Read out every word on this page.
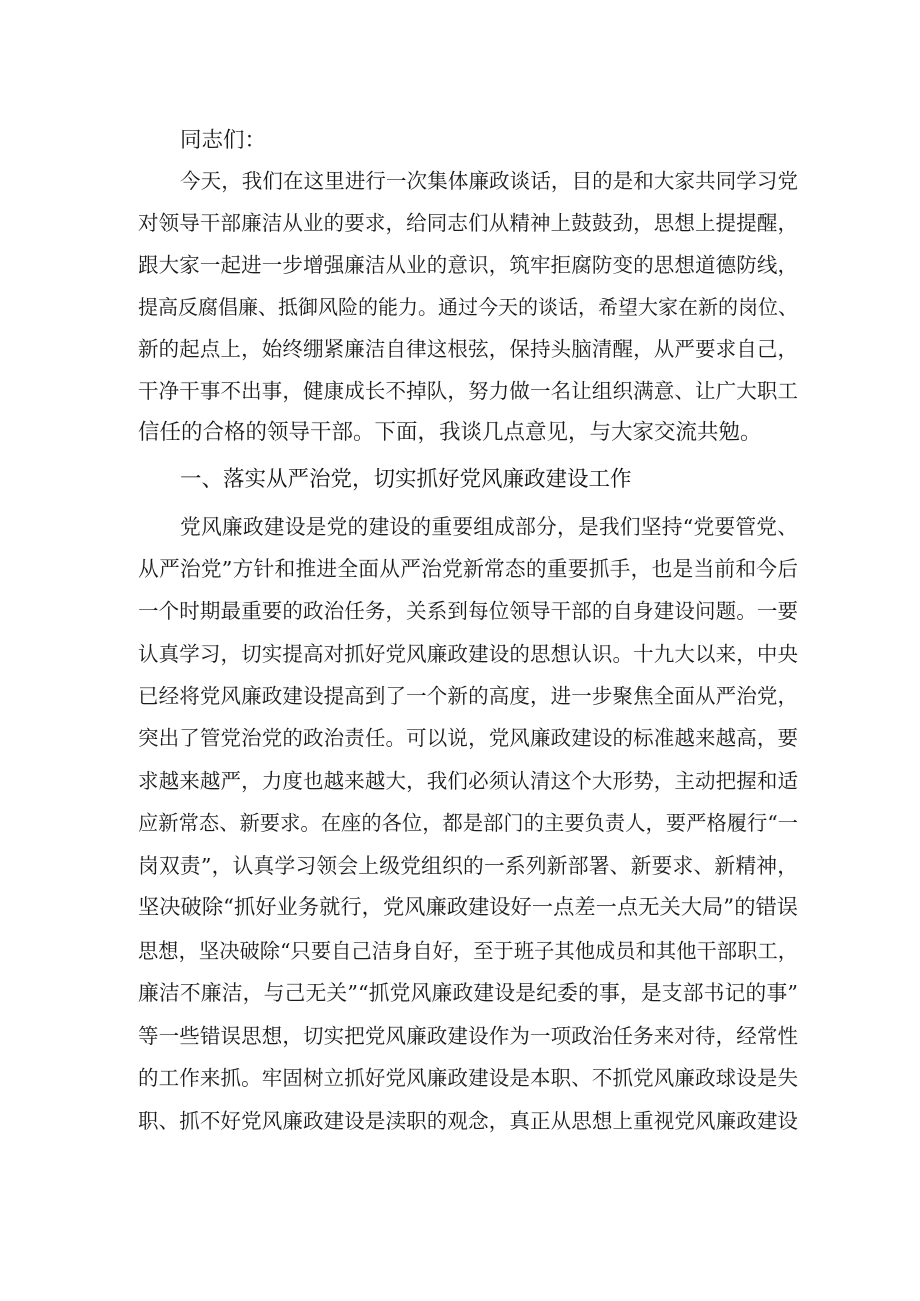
同志们：
今天，我们在这里进行一次集体廉政谈话，目的是和大家共同学习党
对领导干部廉洁从业的要求，给同志们从精神上鼓鼓劲，思想上提提醒，
跟大家一起进一步增强廉洁从业的意识，筑牢拒腐防变的思想道德防线，
提高反腐倡廉、抵御风险的能力。通过今天的谈话，希望大家在新的岗位、
新的起点上，始终绷紧廉洁自律这根弦，保持头脑清醒，从严要求自己，
干净干事不出事，健康成长不掉队，努力做一名让组织满意、让广大职工
信任的合格的领导干部。下面，我谈几点意见，与大家交流共勉。
一、落实从严治党，切实抓好党风廉政建设工作
党风廉政建设是党的建设的重要组成部分，是我们坚持“党要管党、
从严治党”方针和推进全面从严治党新常态的重要抓手，也是当前和今后
一个时期最重要的政治任务，关系到每位领导干部的自身建设问题。一要
认真学习，切实提高对抓好党风廉政建设的思想认识。十九大以来，中央
已经将党风廉政建设提高到了一个新的高度，进一步聚焦全面从严治党，
突出了管党治党的政治责任。可以说，党风廉政建设的标准越来越高，要
求越来越严，力度也越来越大，我们必须认清这个大形势，主动把握和适
应新常态、新要求。在座的各位，都是部门的主要负责人，要严格履行“一
岗双责”，认真学习领会上级党组织的一系列新部署、新要求、新精神，
坚决破除“抓好业务就行，党风廉政建设好一点差一点无关大局”的错误
思想，坚决破除“只要自己洁身自好，至于班子其他成员和其他干部职工，
廉洁不廉洁，与己无关”“抓党风廉政建设是纪委的事，是支部书记的事”
等一些错误思想，切实把党风廉政建设作为一项政治任务来对待，经常性
的工作来抓。牢固树立抓好党风廉政建设是本职、不抓党风廉政球设是失
职、抓不好党风廉政建设是渎职的观念，真正从思想上重视党风廉政建设
